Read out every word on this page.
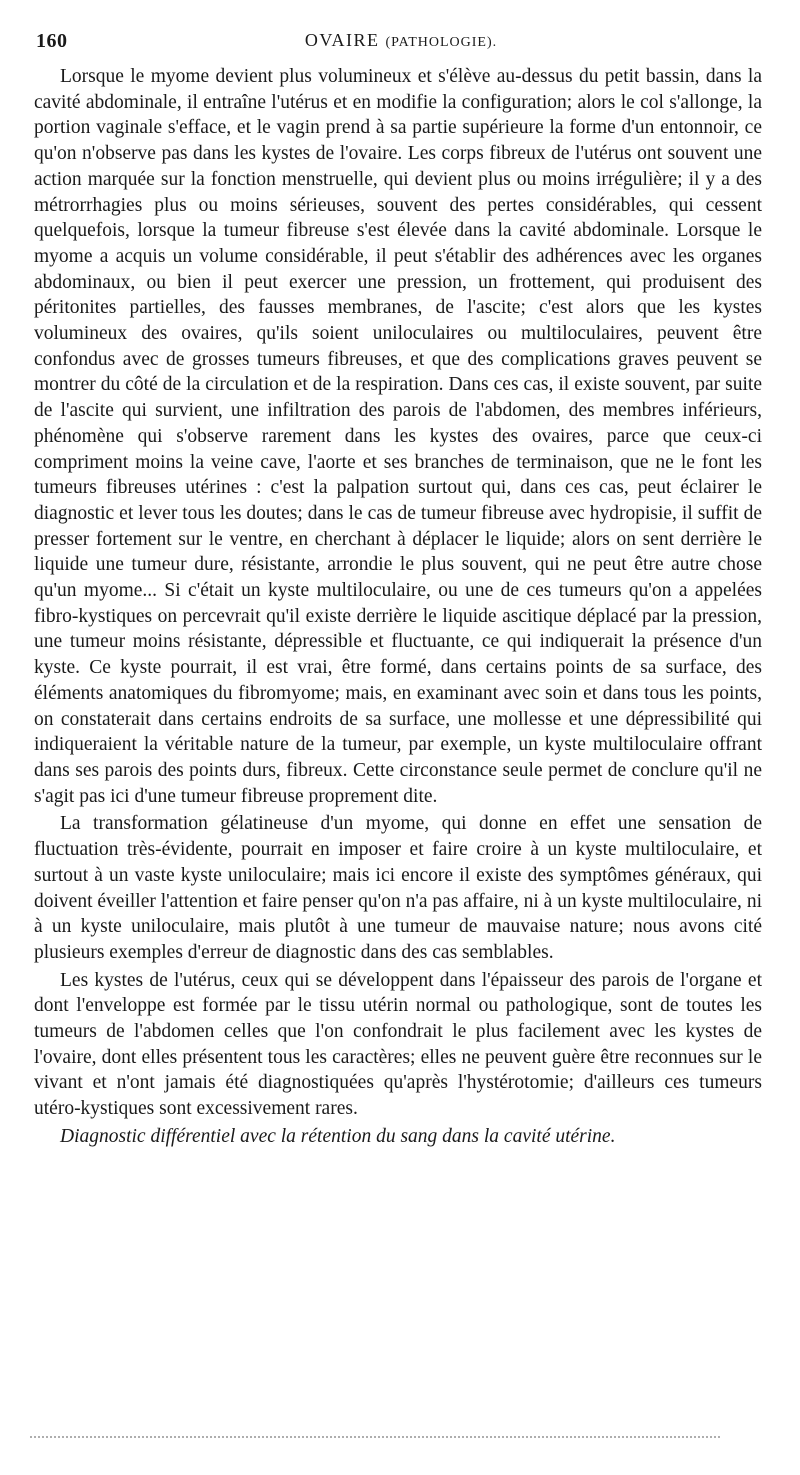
160	OVAIRE (PATHOLOGIE).

Lorsque le myome devient plus volumineux et s'élève au-dessus du petit bassin, dans la cavité abdominale, il entraîne l'utérus et en modifie la configuration; alors le col s'allonge, la portion vaginale s'efface, et le vagin prend à sa partie supérieure la forme d'un entonnoir, ce qu'on n'observe pas dans les kystes de l'ovaire. Les corps fibreux de l'utérus ont souvent une action marquée sur la fonction menstruelle, qui devient plus ou moins irrégulière; il y a des métrorrhagies plus ou moins sérieuses, souvent des pertes considérables, qui cessent quelquefois, lorsque la tumeur fibreuse s'est élevée dans la cavité abdominale. Lorsque le myome a acquis un volume considérable, il peut s'établir des adhérences avec les organes abdominaux, ou bien il peut exercer une pression, un frottement, qui produisent des péritonites partielles, des fausses membranes, de l'ascite; c'est alors que les kystes volumineux des ovaires, qu'ils soient uniloculaires ou multiloculaires, peuvent être confondus avec de grosses tumeurs fibreuses, et que des complications graves peuvent se montrer du côté de la circulation et de la respiration. Dans ces cas, il existe souvent, par suite de l'ascite qui survient, une infiltration des parois de l'abdomen, des membres inférieurs, phénomène qui s'observe rarement dans les kystes des ovaires, parce que ceux-ci compriment moins la veine cave, l'aorte et ses branches de terminaison, que ne le font les tumeurs fibreuses utérines : c'est la palpation surtout qui, dans ces cas, peut éclairer le diagnostic et lever tous les doutes; dans le cas de tumeur fibreuse avec hydropisie, il suffit de presser fortement sur le ventre, en cherchant à déplacer le liquide; alors on sent derrière le liquide une tumeur dure, résistante, arrondie le plus souvent, qui ne peut être autre chose qu'un myome... Si c'était un kyste multiloculaire, ou une de ces tumeurs qu'on a appelées fibro-kystiques on percevrait qu'il existe derrière le liquide ascitique déplacé par la pression, une tumeur moins résistante, dépressible et fluctuante, ce qui indiquerait la présence d'un kyste. Ce kyste pourrait, il est vrai, être formé, dans certains points de sa surface, des éléments anatomiques du fibromyome; mais, en examinant avec soin et dans tous les points, on constaterait dans certains endroits de sa surface, une mollesse et une dépressibilité qui indiqueraient la véritable nature de la tumeur, par exemple, un kyste multiloculaire offrant dans ses parois des points durs, fibreux. Cette circonstance seule permet de conclure qu'il ne s'agit pas ici d'une tumeur fibreuse proprement dite.

La transformation gélatineuse d'un myome, qui donne en effet une sensation de fluctuation très-évidente, pourrait en imposer et faire croire à un kyste multiloculaire, et surtout à un vaste kyste uniloculaire; mais ici encore il existe des symptômes généraux, qui doivent éveiller l'attention et faire penser qu'on n'a pas affaire, ni à un kyste multiloculaire, ni à un kyste uniloculaire, mais plutôt à une tumeur de mauvaise nature; nous avons cité plusieurs exemples d'erreur de diagnostic dans des cas semblables.

Les kystes de l'utérus, ceux qui se développent dans l'épaisseur des parois de l'organe et dont l'enveloppe est formée par le tissu utérin normal ou pathologique, sont de toutes les tumeurs de l'abdomen celles que l'on confondrait le plus facilement avec les kystes de l'ovaire, dont elles présentent tous les caractères; elles ne peuvent guère être reconnues sur le vivant et n'ont jamais été diagnostiquées qu'après l'hystérotomie; d'ailleurs ces tumeurs utéro-kystiques sont excessivement rares.

Diagnostic différentiel avec la rétention du sang dans la cavité utérine.
